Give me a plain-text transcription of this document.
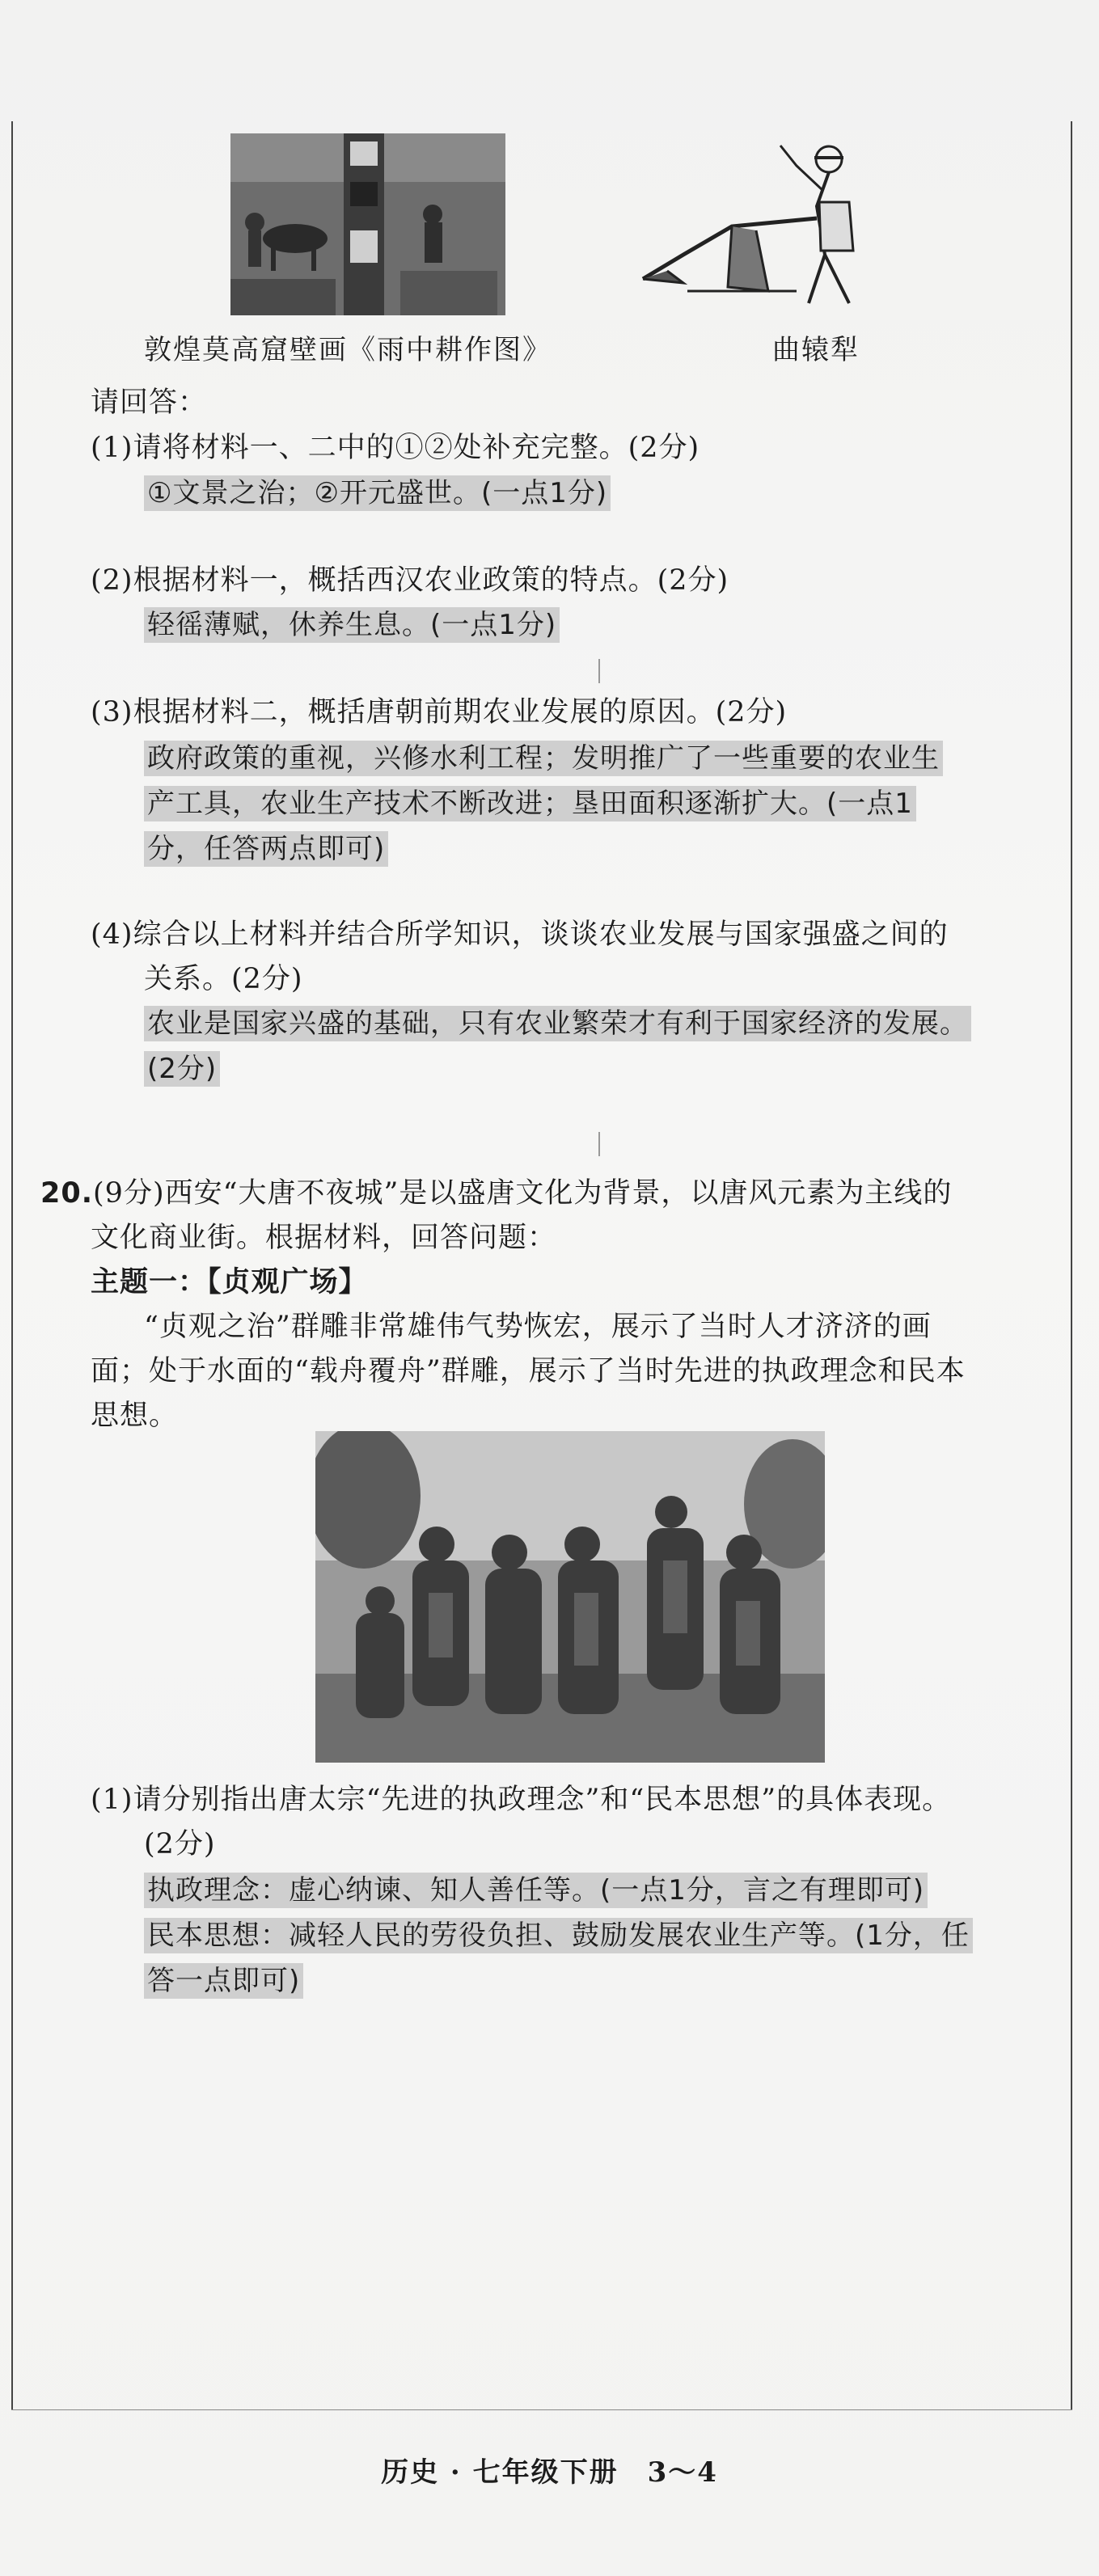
敦煌莫高窟壁画《雨中耕作图》	曲辕犁
请回答：
(1)请将材料一、二中的①②处补充完整。(2分)
①文景之治；②开元盛世。(一点1分)
(2)根据材料一，概括西汉农业政策的特点。(2分)
轻徭薄赋，休养生息。(一点1分)
(3)根据材料二，概括唐朝前期农业发展的原因。(2分)
政府政策的重视，兴修水利工程；发明推广了一些重要的农业生
产工具，农业生产技术不断改进；垦田面积逐渐扩大。(一点1
分，任答两点即可)
(4)综合以上材料并结合所学知识，谈谈农业发展与国家强盛之间的
关系。(2分)
农业是国家兴盛的基础，只有农业繁荣才有利于国家经济的发展。
(2分)
20.(9分)西安“大唐不夜城”是以盛唐文化为背景，以唐风元素为主线的
文化商业街。根据材料，回答问题：
主题一：【贞观广场】
“贞观之治”群雕非常雄伟气势恢宏，展示了当时人才济济的画
面；处于水面的“载舟覆舟”群雕，展示了当时先进的执政理念和民本
思想。
(1)请分别指出唐太宗“先进的执政理念”和“民本思想”的具体表现。
(2分)
执政理念：虚心纳谏、知人善任等。(一点1分，言之有理即可)
民本思想：减轻人民的劳役负担、鼓励发展农业生产等。(1分，任
答一点即可)
历史 · 七年级下册　3～4
